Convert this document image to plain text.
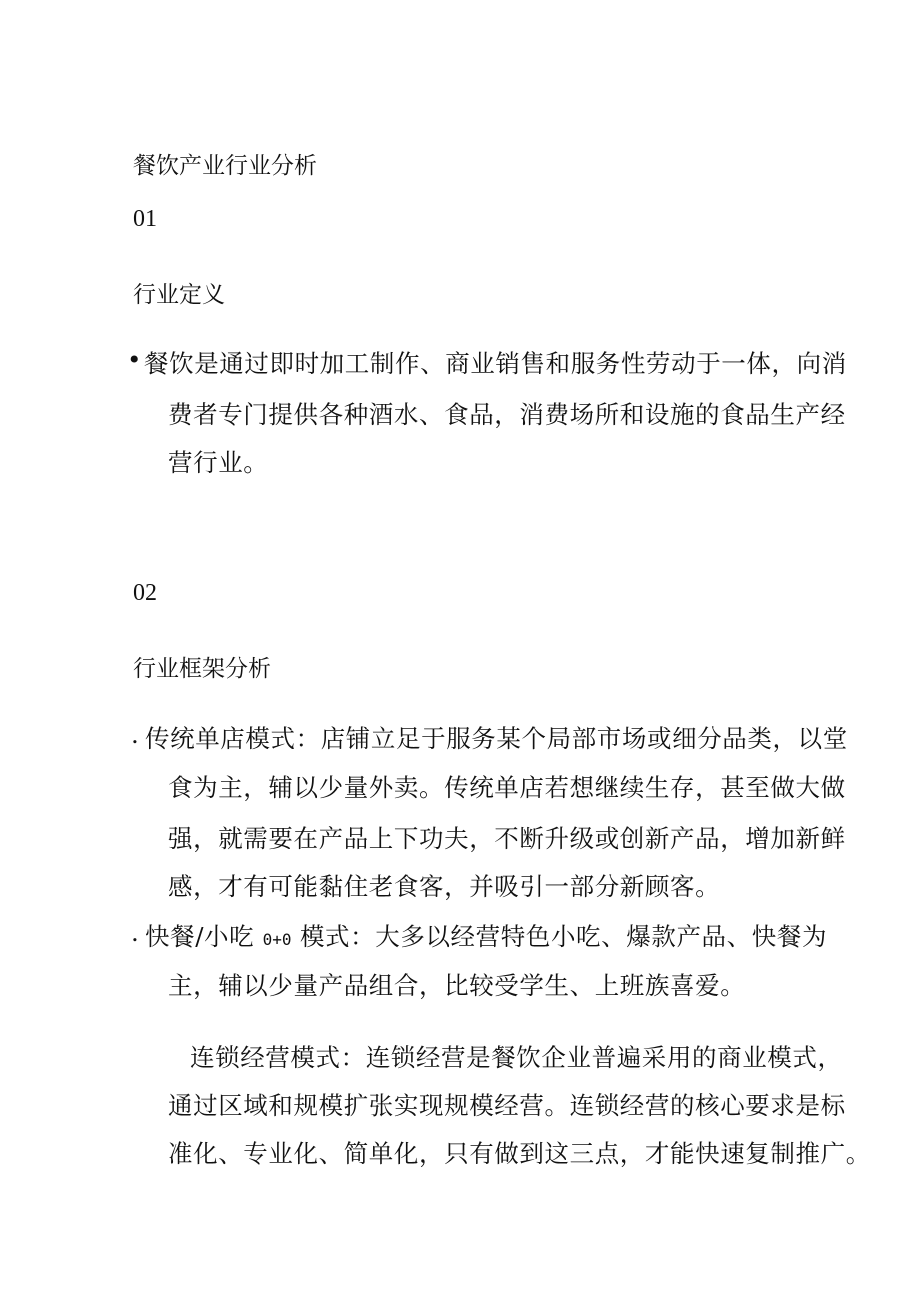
餐饮产业行业分析
01
行业定义
• 餐饮是通过即时加工制作、商业销售和服务性劳动于一体，向消
费者专门提供各种酒水、食品，消费场所和设施的食品生产经
营行业。
02
行业框架分析
. 传统单店模式：店铺立足于服务某个局部市场或细分品类，以堂
食为主，辅以少量外卖。传统单店若想继续生存，甚至做大做
强，就需要在产品上下功夫，不断升级或创新产品，增加新鲜
感，才有可能黏住老食客，并吸引一部分新顾客。
. 快餐/小吃 0+0 模式：大多以经营特色小吃、爆款产品、快餐为
主，辅以少量产品组合，比较受学生、上班族喜爱。
连锁经营模式：连锁经营是餐饮企业普遍采用的商业模式，
通过区域和规模扩张实现规模经营。连锁经营的核心要求是标
准化、专业化、简单化，只有做到这三点，才能快速复制推广。
